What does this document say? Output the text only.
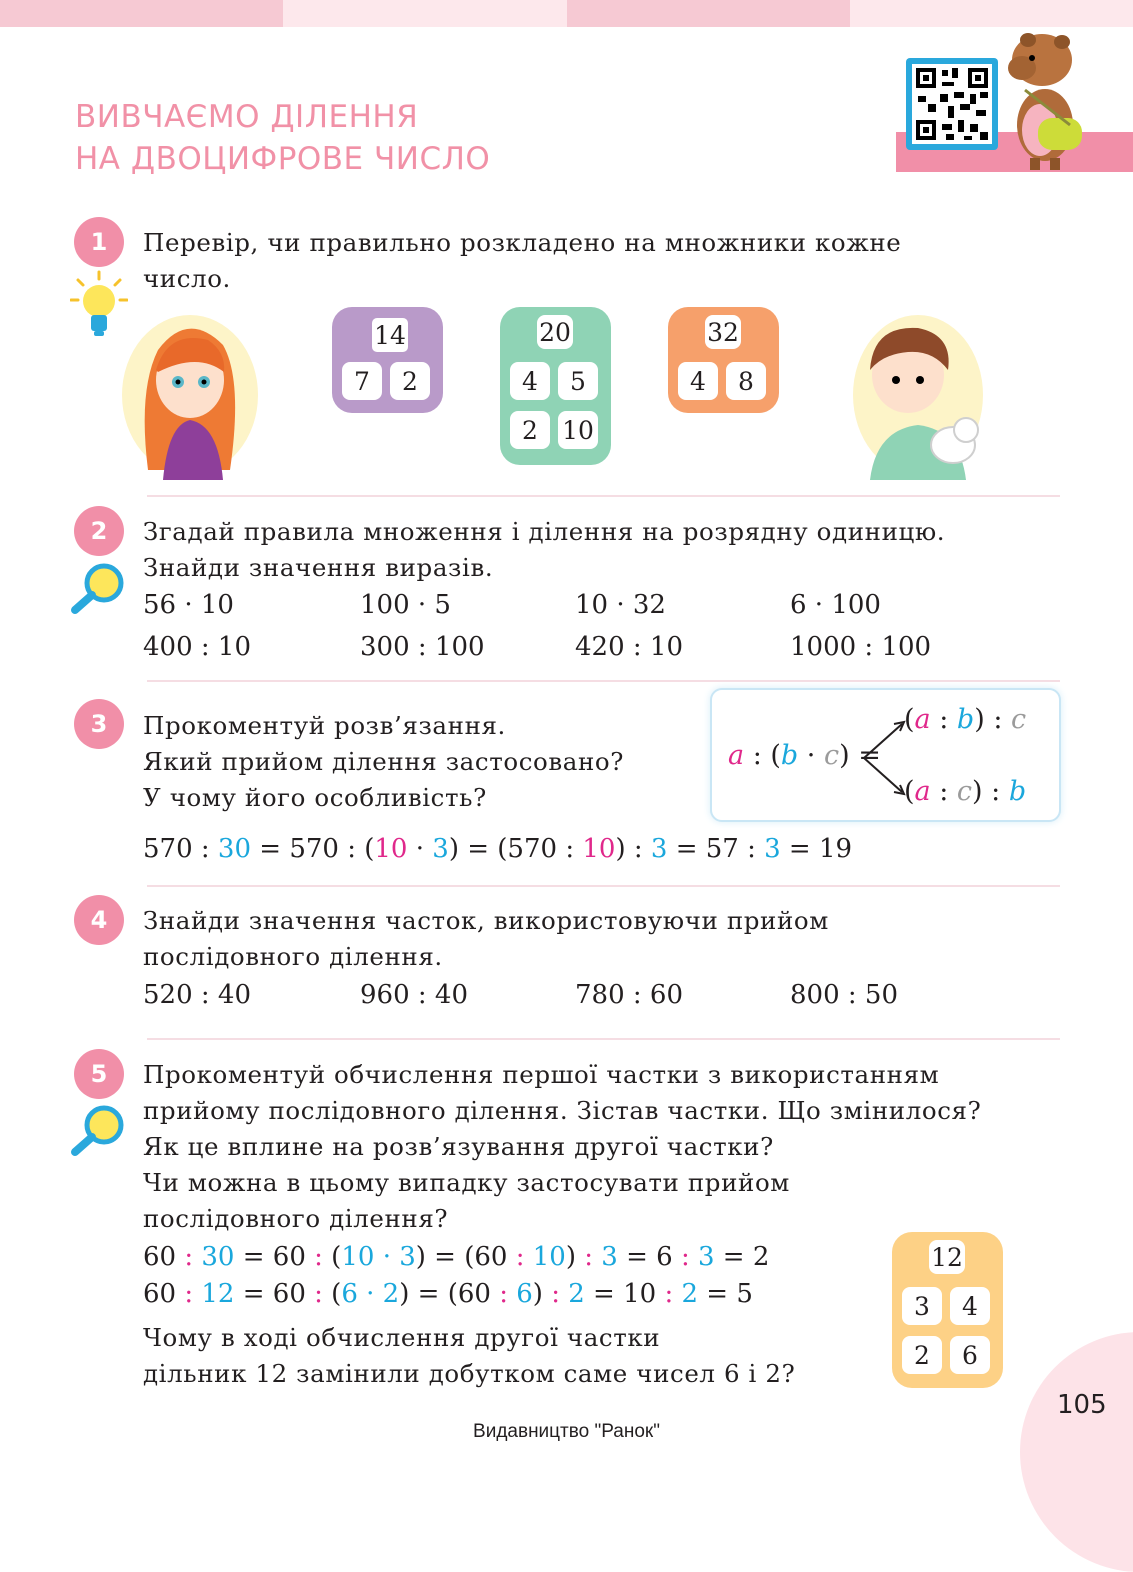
ВИВЧАЄМО ДІЛЕННЯ
НА ДВОЦИФРОВЕ ЧИСЛО
1	Перевір, чи правильно розкладено на множники кожне
число.

14
7	2
20
4	5
2 10
32
4	8
2	Згадай правила множення і ділення на розрядну одиницю.
Знайди значення виразів.

56 · 10	100 · 5	10 · 32	6 · 100
400 : 10	300 : 100	420 : 10	1000 : 100
3	Прокоментуй розв’язання.
Який прийом ділення застосовано?
У чому його особливість?

a : (b · c) =
(a : b) : c
(a : c) : b
570 : 30 = 570 : (10 · 3) = (570 : 10) : 3 = 57 : 3 = 19
4	Знайди значення часток, використовуючи прийом
послідовного ділення.

520 : 40	960 : 40	780 : 60	800 : 50
5	Прокоментуй обчислення першої частки з використанням
прийому послідовного ділення. Зістав частки. Що змінилося?
Як це вплине на розв’язування другої частки?
Чи можна в цьому випадку застосувати прийом
послідовного ділення?

60 : 30 = 60 : (10 · 3) = (60 : 10) : 3 = 6 : 3 = 2
60 : 12 = 60 : (6 · 2) = (60 : 6) : 2 = 10 : 2 = 5

Чому в ході обчислення другої частки
дільник 12 замінили добутком саме чисел 6 і 2?

12
3	4
2	6
105
Видавництво "Ранок"
